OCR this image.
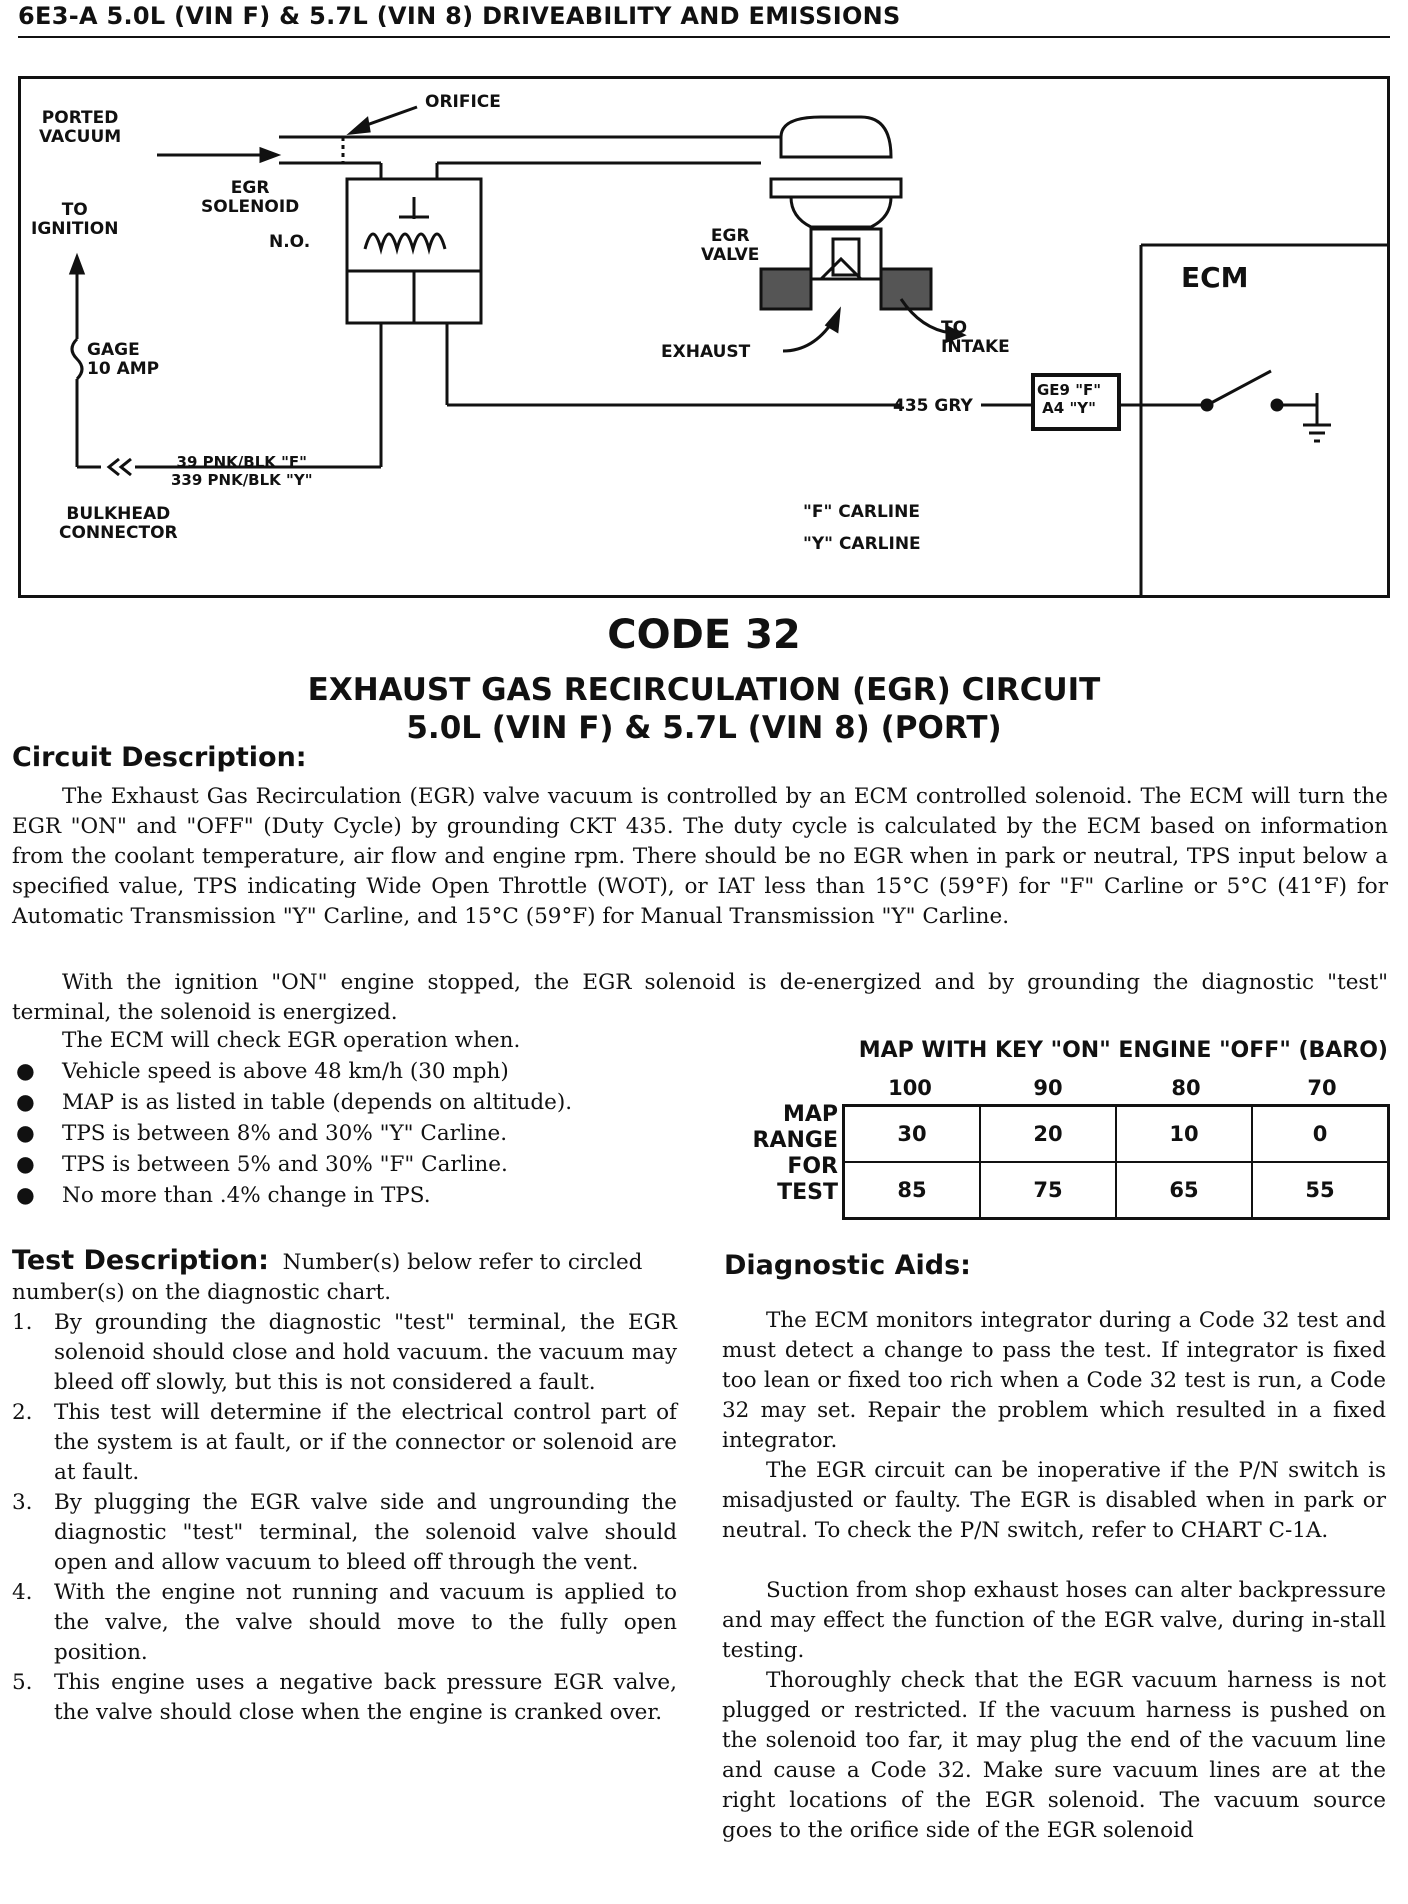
6E3-A 5.0L (VIN F) & 5.7L (VIN 8) DRIVEABILITY AND EMISSIONS
PORTED
VACUUM
ORIFICE
TO
IGNITION
EGR
SOLENOID
N.O.
GAGE
10 AMP
EGR
VALVE
EXHAUST
TO
INTAKE
ECM
435 GRY
GE9 "F"
A4 "Y"
39 PNK/BLK "F"
339 PNK/BLK "Y"
BULKHEAD
CONNECTOR
"F" CARLINE
"Y" CARLINE
CODE 32
EXHAUST GAS RECIRCULATION (EGR) CIRCUIT
5.0L (VIN F) & 5.7L (VIN 8) (PORT)
Circuit Description:

The Exhaust Gas Recirculation (EGR) valve vacuum is controlled by an ECM controlled solenoid. The ECM will turn the EGR "ON" and "OFF" (Duty Cycle) by grounding CKT 435. The duty cycle is calculated by the ECM based on information from the coolant temperature, air flow and engine rpm. There should be no EGR when in park or neutral, TPS input below a specified value, TPS indicating Wide Open Throttle (WOT), or IAT less than 15°C (59°F) for "F" Carline or 5°C (41°F) for Automatic Transmission "Y" Carline, and 15°C (59°F) for Manual Transmission "Y" Carline.

With the ignition "ON" engine stopped, the EGR solenoid is de-energized and by grounding the diagnostic "test" terminal, the solenoid is energized.

The ECM will check EGR operation when.

● Vehicle speed is above 48 km/h (30 mph)
● MAP is as listed in table (depends on altitude).
● TPS is between 8% and 30% "Y" Carline.
● TPS is between 5% and 30% "F" Carline.
● No more than .4% change in TPS.
MAP WITH KEY "ON" ENGINE "OFF" (BARO)
100	90	80	70
MAP
RANGE
FOR
TEST
30	20	10	0
85	75	65	55

Test Description: Number(s) below refer to circled number(s) on the diagnostic chart.

1. By grounding the diagnostic "test" terminal, the EGR solenoid should close and hold vacuum. the vacuum may bleed off slowly, but this is not considered a fault.
2. This test will determine if the electrical control part of the system is at fault, or if the connector or solenoid are at fault.
3. By plugging the EGR valve side and ungrounding the diagnostic "test" terminal, the solenoid valve should open and allow vacuum to bleed off through the vent.
4. With the engine not running and vacuum is applied to the valve, the valve should move to the fully open position.
5. This engine uses a negative back pressure EGR valve, the valve should close when the engine is cranked over.
Diagnostic Aids:

The ECM monitors integrator during a Code 32 test and must detect a change to pass the test. If integrator is fixed too lean or fixed too rich when a Code 32 test is run, a Code 32 may set. Repair the problem which resulted in a fixed integrator.

The EGR circuit can be inoperative if the P/N switch is misadjusted or faulty. The EGR is disabled when in park or neutral. To check the P/N switch, refer to CHART C-1A.

Suction from shop exhaust hoses can alter backpressure and may effect the function of the EGR valve, during in-stall testing.

Thoroughly check that the EGR vacuum harness is not plugged or restricted. If the vacuum harness is pushed on the solenoid too far, it may plug the end of the vacuum line and cause a Code 32. Make sure vacuum lines are at the right locations of the EGR solenoid. The vacuum source goes to the orifice side of the EGR solenoid
